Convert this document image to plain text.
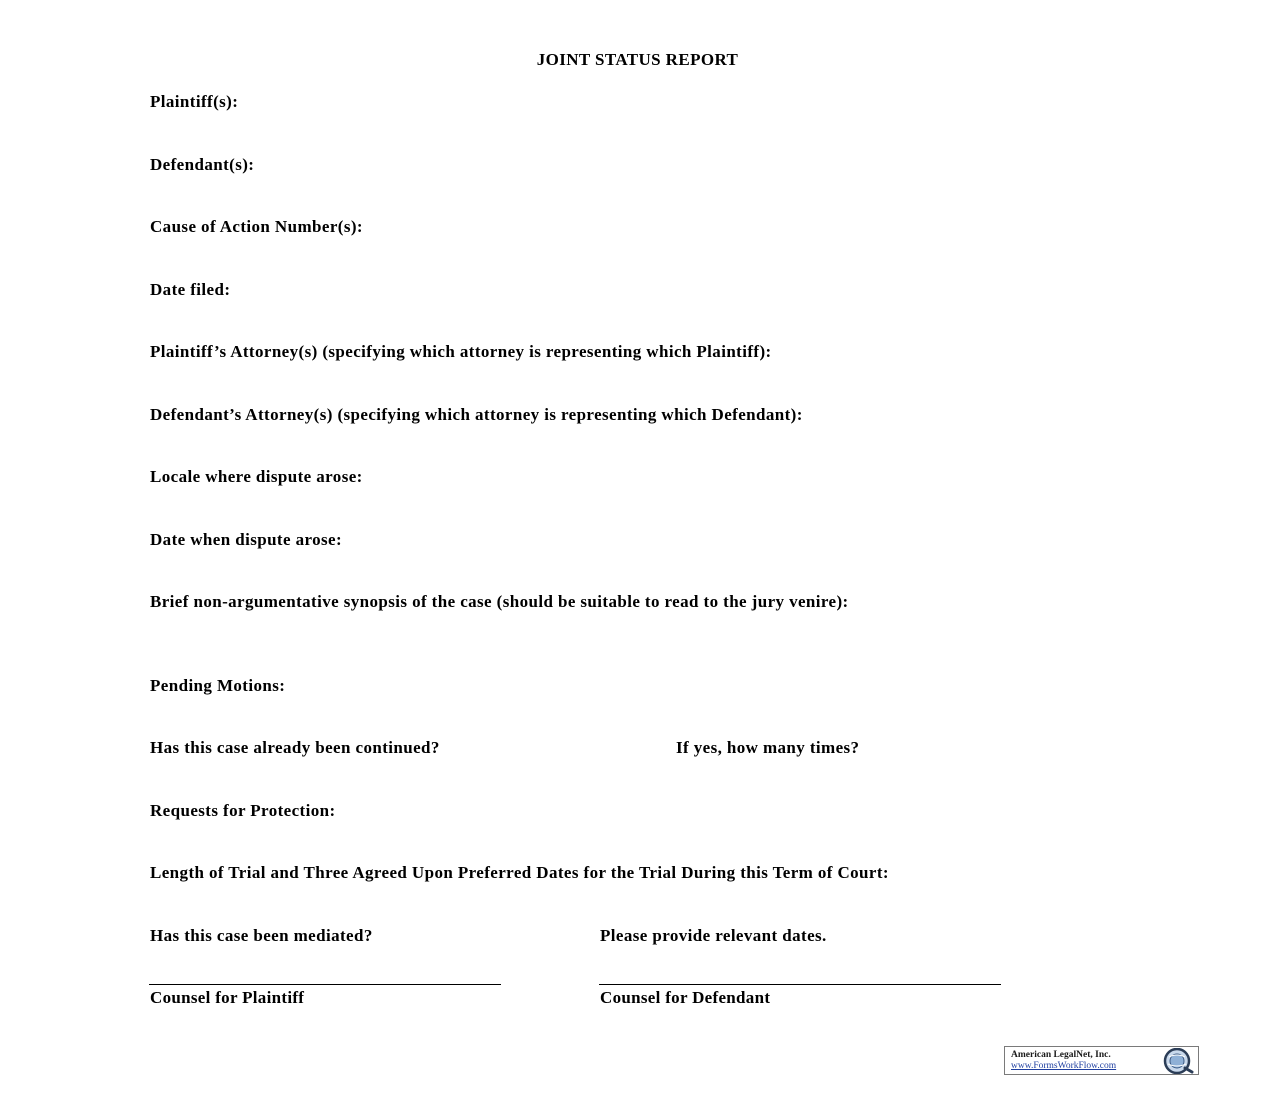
JOINT STATUS REPORT
Plaintiff(s):
Defendant(s):
Cause of Action Number(s):
Date filed:
Plaintiff’s Attorney(s) (specifying which attorney is representing which Plaintiff):
Defendant’s Attorney(s) (specifying which attorney is representing which Defendant):
Locale where dispute arose:
Date when dispute arose:
Brief non-argumentative synopsis of the case (should be suitable to read to the jury venire):
Pending Motions:
Has this case already been continued?	If yes, how many times?
Requests for Protection:
Length of Trial and Three Agreed Upon Preferred Dates for the Trial During this Term of Court:
Has this case been mediated?	Please provide relevant dates.
Counsel for Plaintiff	Counsel for Defendant
American LegalNet, Inc.
www.FormsWorkFlow.com
